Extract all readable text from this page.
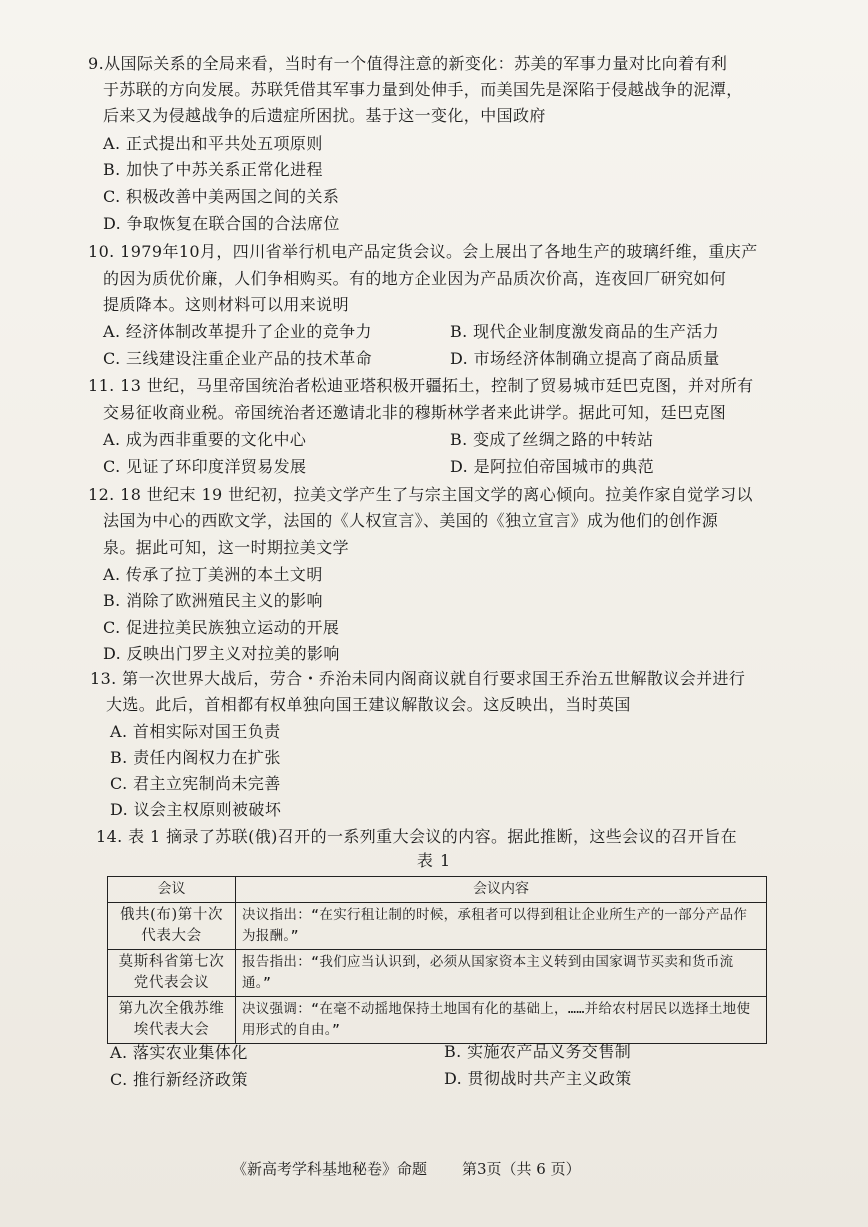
9.从国际关系的全局来看，当时有一个值得注意的新变化：苏美的军事力量对比向着有利
于苏联的方向发展。苏联凭借其军事力量到处伸手，而美国先是深陷于侵越战争的泥潭，
后来又为侵越战争的后遗症所困扰。基于这一变化，中国政府
A. 正式提出和平共处五项原则
B. 加快了中苏关系正常化进程
C. 积极改善中美两国之间的关系
D. 争取恢复在联合国的合法席位
10. 1979年10月，四川省举行机电产品定货会议。会上展出了各地生产的玻璃纤维，重庆产
的因为质优价廉，人们争相购买。有的地方企业因为产品质次价高，连夜回厂研究如何
提质降本。这则材料可以用来说明
A. 经济体制改革提升了企业的竞争力	B. 现代企业制度激发商品的生产活力
C. 三线建设注重企业产品的技术革命	D. 市场经济体制确立提高了商品质量
11. 13 世纪，马里帝国统治者松迪亚塔积极开疆拓土，控制了贸易城市廷巴克图，并对所有
交易征收商业税。帝国统治者还邀请北非的穆斯林学者来此讲学。据此可知，廷巴克图
A. 成为西非重要的文化中心	B. 变成了丝绸之路的中转站
C. 见证了环印度洋贸易发展	D. 是阿拉伯帝国城市的典范
12. 18 世纪末 19 世纪初，拉美文学产生了与宗主国文学的离心倾向。拉美作家自觉学习以
法国为中心的西欧文学，法国的《人权宣言》、美国的《独立宣言》成为他们的创作源
泉。据此可知，这一时期拉美文学
A. 传承了拉丁美洲的本土文明
B. 消除了欧洲殖民主义的影响
C. 促进拉美民族独立运动的开展
D. 反映出门罗主义对拉美的影响
13. 第一次世界大战后，劳合・乔治未同内阁商议就自行要求国王乔治五世解散议会并进行
大选。此后，首相都有权单独向国王建议解散议会。这反映出，当时英国
A. 首相实际对国王负责
B. 责任内阁权力在扩张
C. 君主立宪制尚未完善
D. 议会主权原则被破坏
14. 表 1 摘录了苏联(俄)召开的一系列重大会议的内容。据此推断，这些会议的召开旨在
表 1
会议	会议内容
俄共(布)第十次代表大会	决议指出：“在实行租让制的时候，承租者可以得到租让企业所生产的一部分产品作为报酬。”
莫斯科省第七次党代表会议	报告指出：“我们应当认识到，必须从国家资本主义转到由国家调节买卖和货币流通。”
第九次全俄苏维埃代表大会	决议强调：“在毫不动摇地保持土地国有化的基础上，……并给农村居民以选择土地使用形式的自由。”
A. 落实农业集体化	B. 实施农产品义务交售制
C. 推行新经济政策	D. 贯彻战时共产主义政策
《新高考学科基地秘卷》命题 第3页（共 6 页）
